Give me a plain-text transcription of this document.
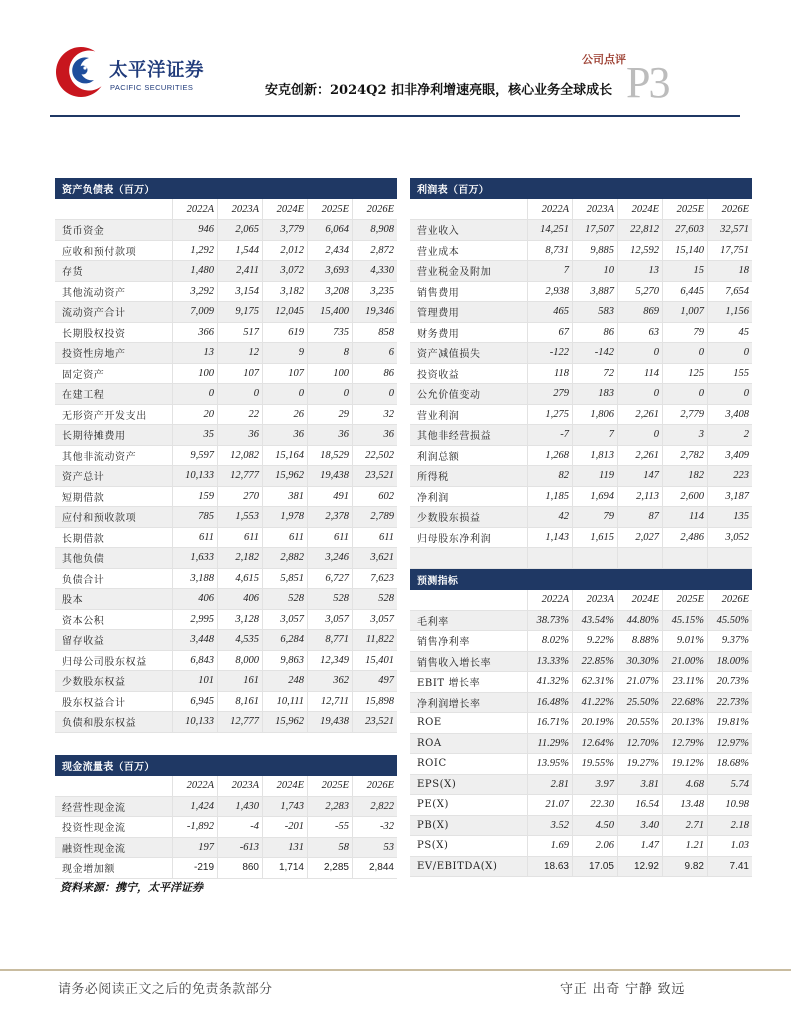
太平洋证券
PACIFIC SECURITIES
公司点评 P3
安克创新：2024Q2 扣非净利增速亮眼，核心业务全球成长
资产负债表（百万）
2022A	2023A	2024E	2025E	2026E
货币资金	946	2,065	3,779	6,064	8,908
应收和预付款项	1,292	1,544	2,012	2,434	2,872
存货	1,480	2,411	3,072	3,693	4,330
其他流动资产	3,292	3,154	3,182	3,208	3,235
流动资产合计	7,009	9,175	12,045	15,400	19,346
长期股权投资	366	517	619	735	858
投资性房地产	13	12	9	8	6
固定资产	100	107	107	100	86
在建工程	0	0	0	0	0
无形资产开发支出	20	22	26	29	32
长期待摊费用	35	36	36	36	36
其他非流动资产	9,597	12,082	15,164	18,529	22,502
资产总计	10,133	12,777	15,962	19,438	23,521
短期借款	159	270	381	491	602
应付和预收款项	785	1,553	1,978	2,378	2,789
长期借款	611	611	611	611	611
其他负债	1,633	2,182	2,882	3,246	3,621
负债合计	3,188	4,615	5,851	6,727	7,623
股本	406	406	528	528	528
资本公积	2,995	3,128	3,057	3,057	3,057
留存收益	3,448	4,535	6,284	8,771	11,822
归母公司股东权益	6,843	8,000	9,863	12,349	15,401
少数股东权益	101	161	248	362	497
股东权益合计	6,945	8,161	10,111	12,711	15,898
负债和股东权益	10,133	12,777	15,962	19,438	23,521
现金流量表（百万）
2022A	2023A	2024E	2025E	2026E
经营性现金流	1,424	1,430	1,743	2,283	2,822
投资性现金流	-1,892	-4	-201	-55	-32
融资性现金流	197	-613	131	58	53
现金增加额	-219	860	1,714	2,285	2,844
利润表（百万）
2022A	2023A	2024E	2025E	2026E
营业收入	14,251	17,507	22,812	27,603	32,571
营业成本	8,731	9,885	12,592	15,140	17,751
营业税金及附加	7	10	13	15	18
销售费用	2,938	3,887	5,270	6,445	7,654
管理费用	465	583	869	1,007	1,156
财务费用	67	86	63	79	45
资产减值损失	-122	-142	0	0	0
投资收益	118	72	114	125	155
公允价值变动	279	183	0	0	0
营业利润	1,275	1,806	2,261	2,779	3,408
其他非经营损益	-7	7	0	3	2
利润总额	1,268	1,813	2,261	2,782	3,409
所得税	82	119	147	182	223
净利润	1,185	1,694	2,113	2,600	3,187
少数股东损益	42	79	87	114	135
归母股东净利润	1,143	1,615	2,027	2,486	3,052
预测指标
2022A	2023A	2024E	2025E	2026E
毛利率	38.73%	43.54%	44.80%	45.15%	45.50%
销售净利率	8.02%	9.22%	8.88%	9.01%	9.37%
销售收入增长率	13.33%	22.85%	30.30%	21.00%	18.00%
EBIT 增长率	41.32%	62.31%	21.07%	23.11%	20.73%
净利润增长率	16.48%	41.22%	25.50%	22.68%	22.73%
ROE	16.71%	20.19%	20.55%	20.13%	19.81%
ROA	11.29%	12.64%	12.70%	12.79%	12.97%
ROIC	13.95%	19.55%	19.27%	19.12%	18.68%
EPS(X)	2.81	3.97	3.81	4.68	5.74
PE(X)	21.07	22.30	16.54	13.48	10.98
PB(X)	3.52	4.50	3.40	2.71	2.18
PS(X)	1.69	2.06	1.47	1.21	1.03
EV/EBITDA(X)	18.63	17.05	12.92	9.82	7.41
资料来源：携宁，太平洋证券
请务必阅读正文之后的免责条款部分	守正 出奇 宁静 致远
